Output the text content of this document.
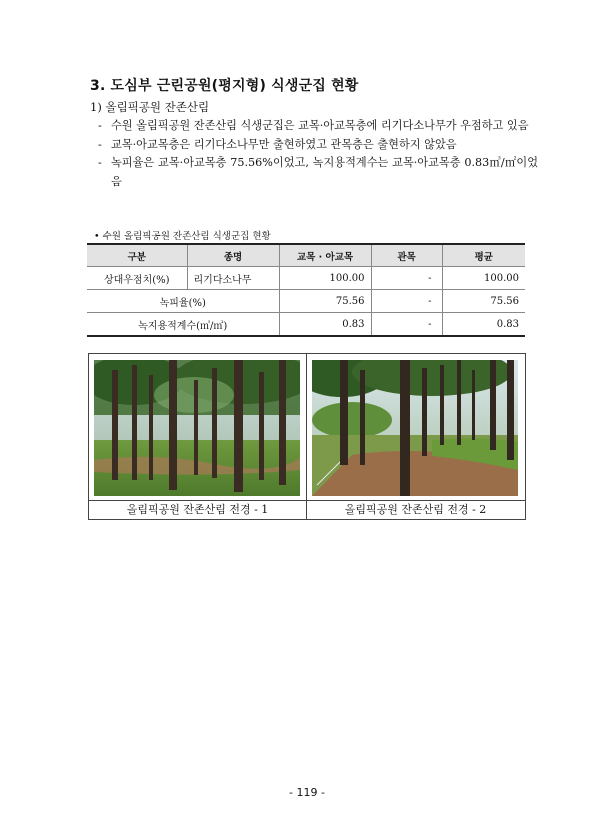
3. 도심부 근린공원(평지형) 식생군집 현황
1) 올림픽공원 잔존산림
- 수원 올림픽공원 잔존산림 식생군집은 교목·아교목층에 리기다소나무가 우점하고 있음
- 교목·아교목층은 리기다소나무만 출현하였고 관목층은 출현하지 않았음
- 녹피율은 교목·아교목층 75.56%이었고, 녹지용적계수는 교목·아교목층 0.83㎥/㎡이었음
• 수원 올림픽공원 잔존산림 식생군집 현황
구분	종명	교목 · 아교목	관목	평균
상대우점치(%)	리기다소나무	100.00	-	100.00
녹피율(%)		75.56	-	75.56
녹지용적계수(㎥/㎡)		0.83	-	0.83
올림픽공원 잔존산림 전경 - 1	올림픽공원 잔존산림 전경 - 2
- 119 -
